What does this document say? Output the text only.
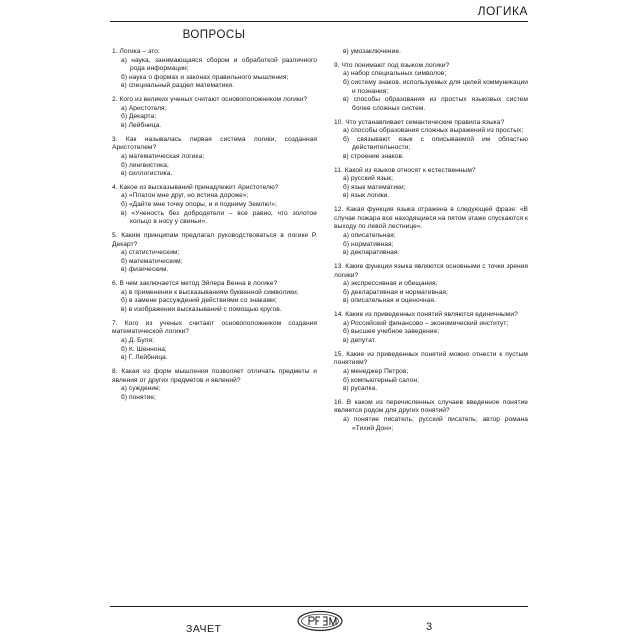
ЛОГИКА
ВОПРОСЫ
1. Логика – это:
а) наука, занимающаяся сбором и обработкой различного рода информации;
б) наука о формах и законах правильного мышления;
в) специальный раздел математики.
2. Кого из великих ученых считают основоположником логики?
а) Аристотеля;
б) Декарта;
в) Лейбница.
3. Как называлась первая система логики, созданная Аристотелем?
а) математическая логика;
б) лингвистика;
в) силлогистика.
4. Какое из высказываний принадлежит Аристотелю?
а) «Платон мне друг, но истина дороже»;
б) «Дайте мне точку опоры, и я подниму Землю!»;
в) «Ученость без добродетели – все равно, что золотое кольцо в носу у свиньи».
5. Каким принципам предлагал руководствоваться в логике Р. Декарт?
а) статистическим;
б) математическим;
в) физическим.
6. В чем заключается метод Эйлера Венна в логике?
а) в применении к высказываниям буквенной символики;
б) в замене рассуждений действиями со знаками;
в) в изображении высказываний с помощью кругов.
7. Кого из ученых считают основоположником создания математической логики?
а) Д. Буля;
б) К. Шеннона;
в) Г. Лейбница.
8. Какая из форм мышления позволяет отличать предметы и явления от других предметов и явлений?
а) суждение;
б) понятие;
в) умозаключение.
9. Что понимают под языком логики?
а) набор специальных символов;
б) систему знаков, используемых для целей коммуникации и познания;
в) способы образования из простых языковых систем более сложных систем.
10. Что устанавливает семантические правила языка?
а) способы образования сложных выражений из простых;
б) связывают язык с описываемой им областью действительности;
в) строение знаков.
11. Какой из языков относят к естественным?
а) русский язык;
б) язык математики;
в) язык логики.
12. Какая функция языка отражена в следующей фразе: «В случае пожара все находящиеся на пятом этаже спускаются к выходу по левой лестнице».
а) описательная;
б) нормативная;
в) декларативная.
13. Какие функции языка являются основными с точки зрения логики?
а) экспрессивная и обещания;
б) декларативная и нормативная;
в) описательная и оценочная.
14. Какие из приведенных понятий являются единичными?
а) Российский финансово – экономический институт;
б) высшее учебное заведение;
в) депутат.
15. Какие из приведенных понятий можно отнести к пустым понятиям?
а) менеджер Петров;
б) компьютерный салон;
в) русалка.
16. В каком из перечисленных случаев введенное понятие является родом для других понятий?
а) понятие писатель; русский писатель; автор романа «Тихий Дон»;
ЗАЧЕТ	3
